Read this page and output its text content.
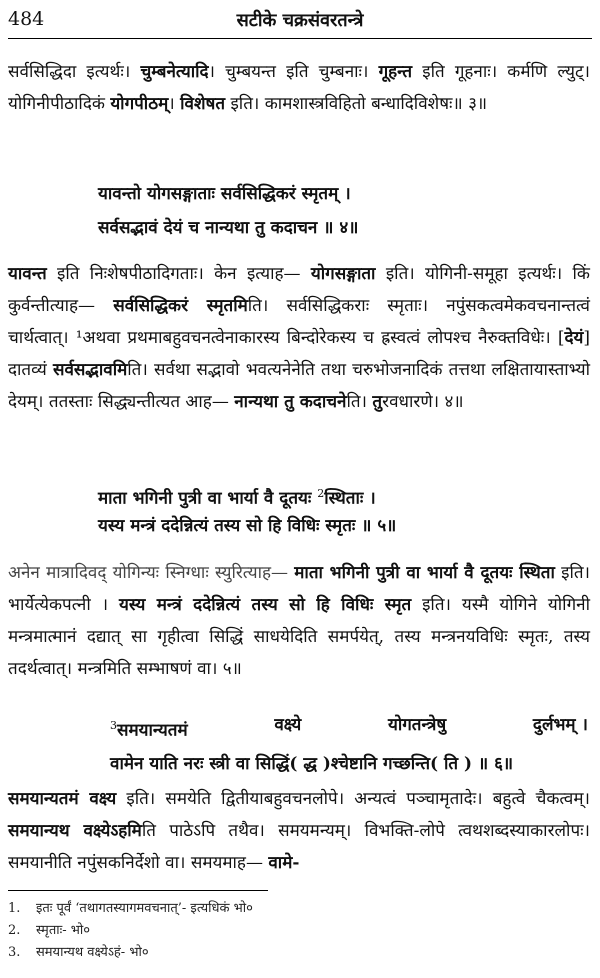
484	सटीके चक्रसंवरतन्त्रे
सर्वसिद्धिदा इत्यर्थः। चुम्बनेत्यादि। चुम्बयन्त इति चुम्बनाः। गूहन्त इति गूहनाः। कर्मणि ल्युट्। योगिनीपीठादिकं योगपीठम्। विशेषत इति। कामशास्त्रविहितो बन्धादिविशेषः॥ ३॥
यावन्तो योगसङ्गाताः सर्वसिद्धिकरं स्मृतम् ।
सर्वसद्भावं देयं च नान्यथा तु कदाचन ॥ ४॥
यावन्त इति निःशेषपीठादिगताः। केन इत्याह— योगसङ्गाता इति। योगिनी-समूहा इत्यर्थः। किं कुर्वन्तीत्याह— सर्वसिद्धिकरं स्मृतमिति। सर्वसिद्धिकराः स्मृताः। नपुंसकत्वमेकवचनान्तत्वं चार्थत्वात्। ¹अथवा प्रथमाबहुवचनत्वेनाकारस्य बिन्दोरेकस्य च ह्रस्वत्वं लोपश्च नैरुक्तविधेः। [देयं] दातव्यं सर्वसद्भावमिति। सर्वथा सद्भावो भवत्यनेनेति तथा चरुभोजनादिकं तत्तथा लक्षितायास्ताभ्यो देयम्। ततस्ताः सिद्ध्यन्तीत्यत आह— नान्यथा तु कदाचनेति। तुरवधारणे। ४॥
माता भगिनी पुत्री वा भार्या वै दूतयः $^2$स्थिताः ।
यस्य मन्त्रं ददेन्नित्यं तस्य सो हि विधिः स्मृतः ॥ ५॥
अनेन मात्रादिवद् योगिन्यः स्निग्धाः स्युरित्याह— माता भगिनी पुत्री वा भार्या वै दूतयः स्थिता इति। भार्येत्येकपत्नी । यस्य मन्त्रं ददेन्नित्यं तस्य सो हि विधिः स्मृत इति। यस्मै योगिने योगिनी मन्त्रमात्मानं दद्यात् सा गृहीत्वा सिद्धिं साधयेदिति समर्पयेत्, तस्य मन्त्रनयविधिः स्मृतः, तस्य तदर्थत्वात्। मन्त्रमिति सम्भाषणं वा। ५॥
$^3$समयान्यतमं	वक्ष्ये	योगतन्त्रेषु	दुर्लभम् ।
वामेन याति नरः स्त्री वा सिद्धिं( द्ध )श्चेष्टानि गच्छन्ति( ति ) ॥ ६॥
समयान्यतमं वक्ष्य इति। समयेति द्वितीयाबहुवचनलोपे। अन्यत्वं पञ्चामृतादेः। बहुत्वे चैकत्वम्। समयान्यथ वक्ष्येऽहमिति पाठेऽपि तथैव। समयमन्यम्। विभक्ति-लोपे त्वथशब्दस्याकारलोपः। समयानीति नपुंसकनिर्देशो वा। समयमाह— वामे-
1. इतः पूर्वं ‘तथागतस्यागमवचनात्’- इत्यधिकं भो०
2. स्मृताः- भो०
3. समयान्यथ वक्ष्येऽहं- भो०
